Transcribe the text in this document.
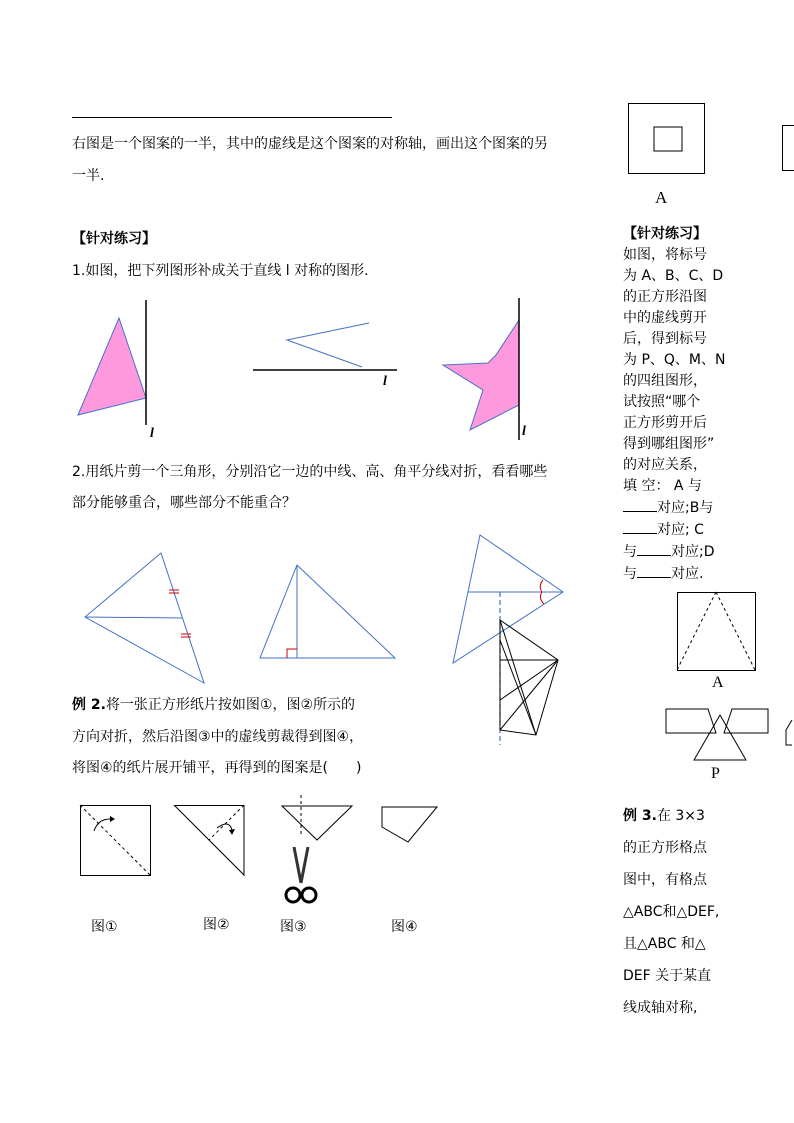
右图是一个图案的一半，其中的虚线是这个图案的对称轴，画出这个图案的另
一半.
【针对练习】
1.如图，把下列图形补成关于直线 l 对称的图形.
l
l
l
2.用纸片剪一个三角形，分别沿它一边的中线、高、角平分线对折，看看哪些
部分能够重合，哪些部分不能重合？
例 2.将一张正方形纸片按如图①，图②所示的
方向对折，然后沿图③中的虚线剪裁得到图④，
将图④的纸片展开铺平，再得到的图案是(　　)
图①	图②	图③	图④
A
【针对练习】
如图，将标号
为 A、B、C、D
的正方形沿图
中的虚线剪开
后，得到标号
为 P、Q、M、N
的四组图形，
试按照“哪个
正方形剪开后
得到哪组图形”
的对应关系，
填 空： A 与
对应;B与
对应; C
与 对应;D
与 对应.
A
P
例 3.在 3×3
的正方形格点
图中，有格点
△ABC和△DEF,
且△ABC 和△
DEF 关于某直
线成轴对称,
